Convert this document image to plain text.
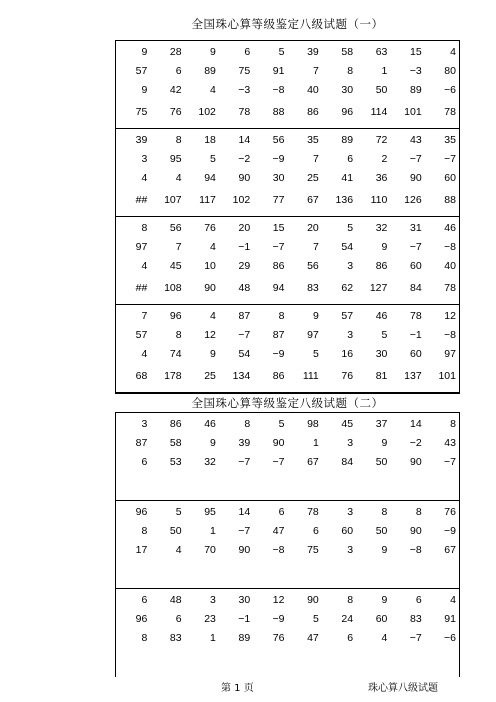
全国珠心算等级鉴定八级试题（一）
9	28	9	6	5	39	58	63	15	4
57	6	89	75	91	7	8	1	−3	80
9	42	4	−3	−8	40	30	50	89	−6
75	76	102	78	88	86	96	114	101	78
39	8	18	14	56	35	89	72	43	35
3	95	5	−2	−9	7	6	2	−7	−7
4	4	94	90	30	25	41	36	90	60
##	107	117	102	77	67	136	110	126	88
8	56	76	20	15	20	5	32	31	46
97	7	4	−1	−7	7	54	9	−7	−8
4	45	10	29	86	56	3	86	60	40
##	108	90	48	94	83	62	127	84	78
7	96	4	87	8	9	57	46	78	12
57	8	12	−7	87	97	3	5	−1	−8
4	74	9	54	−9	5	16	30	60	97
68	178	25	134	86	111	76	81	137	101
全国珠心算等级鉴定八级试题（二）
3	86	46	8	5	98	45	37	14	8
87	58	9	39	90	1	3	9	−2	43
6	53	32	−7	−7	67	84	50	90	−7
96	5	95	14	6	78	3	8	8	76
8	50	1	−7	47	6	60	50	90	−9
17	4	70	90	−8	75	3	9	−8	67
6	48	3	30	12	90	8	9	6	4
96	6	23	−1	−9	5	24	60	83	91
8	83	1	89	76	47	6	4	−7	−6
第 1 页	珠心算八级试题
